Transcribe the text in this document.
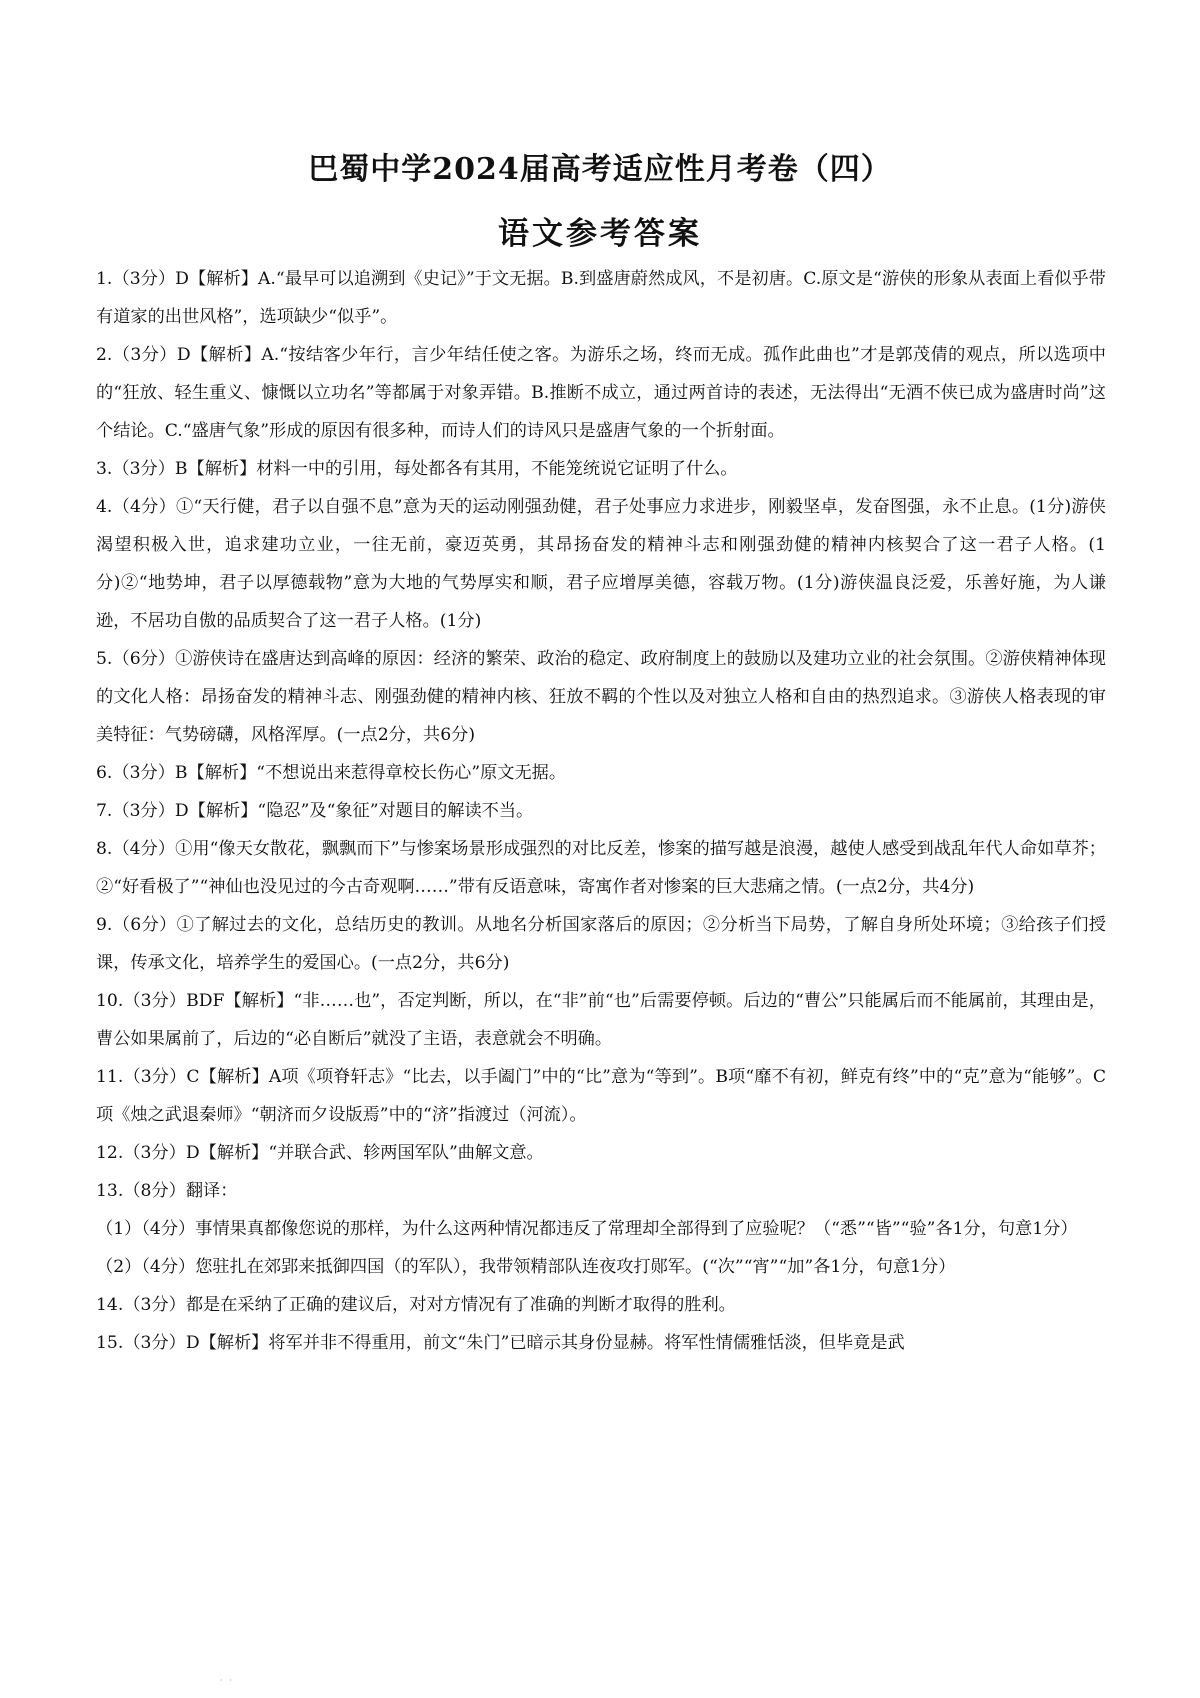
巴蜀中学2024届高考适应性月考卷（四）
语文参考答案

1.（3分）D【解析】A.“最早可以追溯到《史记》”于文无据。B.到盛唐蔚然成风，不是初唐。C.原文是“游侠的形象从表面上看似乎带有道家的出世风格”，选项缺少“似乎”。

2.（3分）D【解析】A.“按结客少年行，言少年结任使之客。为游乐之场，终而无成。孤作此曲也”才是郭茂倩的观点，所以选项中的“狂放、轻生重义、慷慨以立功名”等都属于对象弄错。B.推断不成立，通过两首诗的表述，无法得出“无酒不侠已成为盛唐时尚”这个结论。C.“盛唐气象”形成的原因有很多种，而诗人们的诗风只是盛唐气象的一个折射面。

3.（3分）B【解析】材料一中的引用，每处都各有其用，不能笼统说它证明了什么。

4.（4分）①“天行健，君子以自强不息”意为天的运动刚强劲健，君子处事应力求进步，刚毅坚卓，发奋图强，永不止息。(1分)游侠渴望积极入世，追求建功立业，一往无前，豪迈英勇，其昂扬奋发的精神斗志和刚强劲健的精神内核契合了这一君子人格。(1分)②“地势坤，君子以厚德载物”意为大地的气势厚实和顺，君子应增厚美德，容载万物。(1分)游侠温良泛爱，乐善好施，为人谦逊，不居功自傲的品质契合了这一君子人格。(1分)

5.（6分）①游侠诗在盛唐达到高峰的原因：经济的繁荣、政治的稳定、政府制度上的鼓励以及建功立业的社会氛围。②游侠精神体现的文化人格：昂扬奋发的精神斗志、刚强劲健的精神内核、狂放不羁的个性以及对独立人格和自由的热烈追求。③游侠人格表现的审美特征：气势磅礴，风格浑厚。(一点2分，共6分)

6.（3分）B【解析】“不想说出来惹得章校长伤心”原文无据。

7.（3分）D【解析】“隐忍”及“象征”对题目的解读不当。

8.（4分）①用“像天女散花，飘飘而下”与惨案场景形成强烈的对比反差，惨案的描写越是浪漫，越使人感受到战乱年代人命如草芥；②“好看极了”“神仙也没见过的今古奇观啊……”带有反语意味，寄寓作者对惨案的巨大悲痛之情。(一点2分，共4分)

9.（6分）①了解过去的文化，总结历史的教训。从地名分析国家落后的原因；②分析当下局势，了解自身所处环境；③给孩子们授课，传承文化，培养学生的爱国心。(一点2分，共6分)

10.（3分）BDF【解析】“非……也”，否定判断，所以，在“非”前“也”后需要停顿。后边的“曹公”只能属后而不能属前，其理由是，曹公如果属前了，后边的“必自断后”就没了主语，表意就会不明确。

11.（3分）C【解析】A项《项脊轩志》“比去，以手阖门”中的“比”意为“等到”。B项“靡不有初，鲜克有终”中的“克”意为“能够”。C项《烛之武退秦师》“朝济而夕设版焉”中的“济”指渡过（河流）。

12.（3分）D【解析】“并联合武、轸两国军队”曲解文意。

13.（8分）翻译：

（1）（4分）事情果真都像您说的那样，为什么这两种情况都违反了常理却全部得到了应验呢？（“悉”“皆”“验”各1分，句意1分）

（2）（4分）您驻扎在郊郢来抵御四国（的军队），我带领精部队连夜攻打郧军。(“次”“宵”“加”各1分，句意1分）

14.（3分）都是在采纳了正确的建议后，对对方情况有了准确的判断才取得的胜利。

15.（3分）D【解析】将军并非不得重用，前文“朱门”已暗示其身份显赫。将军性情儒雅恬淡，但毕竟是武

· ·
